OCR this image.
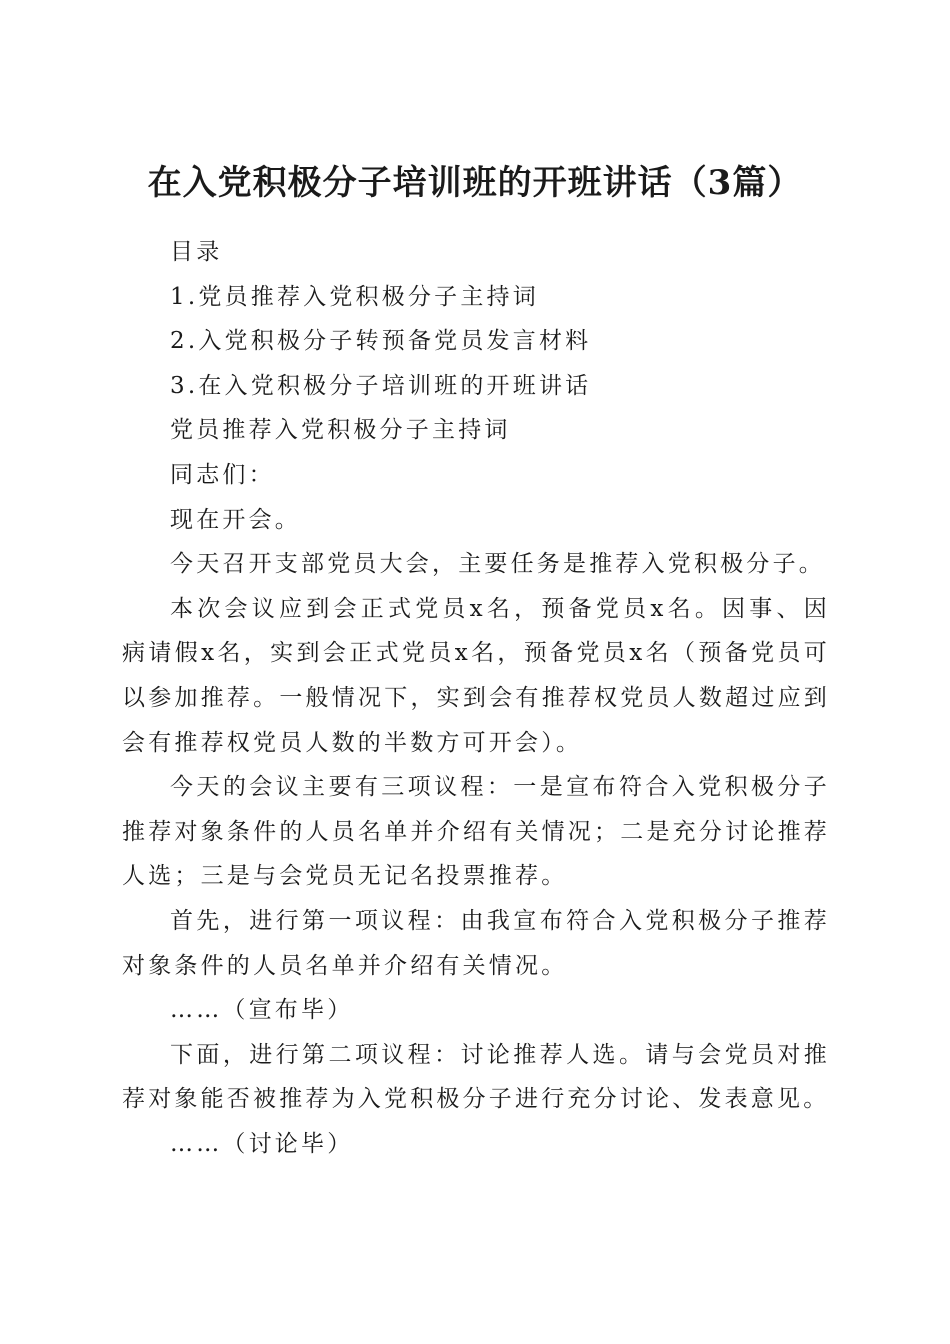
在入党积极分子培训班的开班讲话（3篇）

目录

1.党员推荐入党积极分子主持词

2.入党积极分子转预备党员发言材料

3.在入党积极分子培训班的开班讲话

党员推荐入党积极分子主持词

同志们：

现在开会。

今天召开支部党员大会，主要任务是推荐入党积极分子。

本次会议应到会正式党员x名，预备党员x名。因事、因病请假x名，实到会正式党员x名，预备党员x名（预备党员可以参加推荐。一般情况下，实到会有推荐权党员人数超过应到会有推荐权党员人数的半数方可开会）。

今天的会议主要有三项议程：一是宣布符合入党积极分子推荐对象条件的人员名单并介绍有关情况；二是充分讨论推荐人选；三是与会党员无记名投票推荐。

首先，进行第一项议程：由我宣布符合入党积极分子推荐对象条件的人员名单并介绍有关情况。

……（宣布毕）

下面，进行第二项议程：讨论推荐人选。请与会党员对推荐对象能否被推荐为入党积极分子进行充分讨论、发表意见。

……（讨论毕）
